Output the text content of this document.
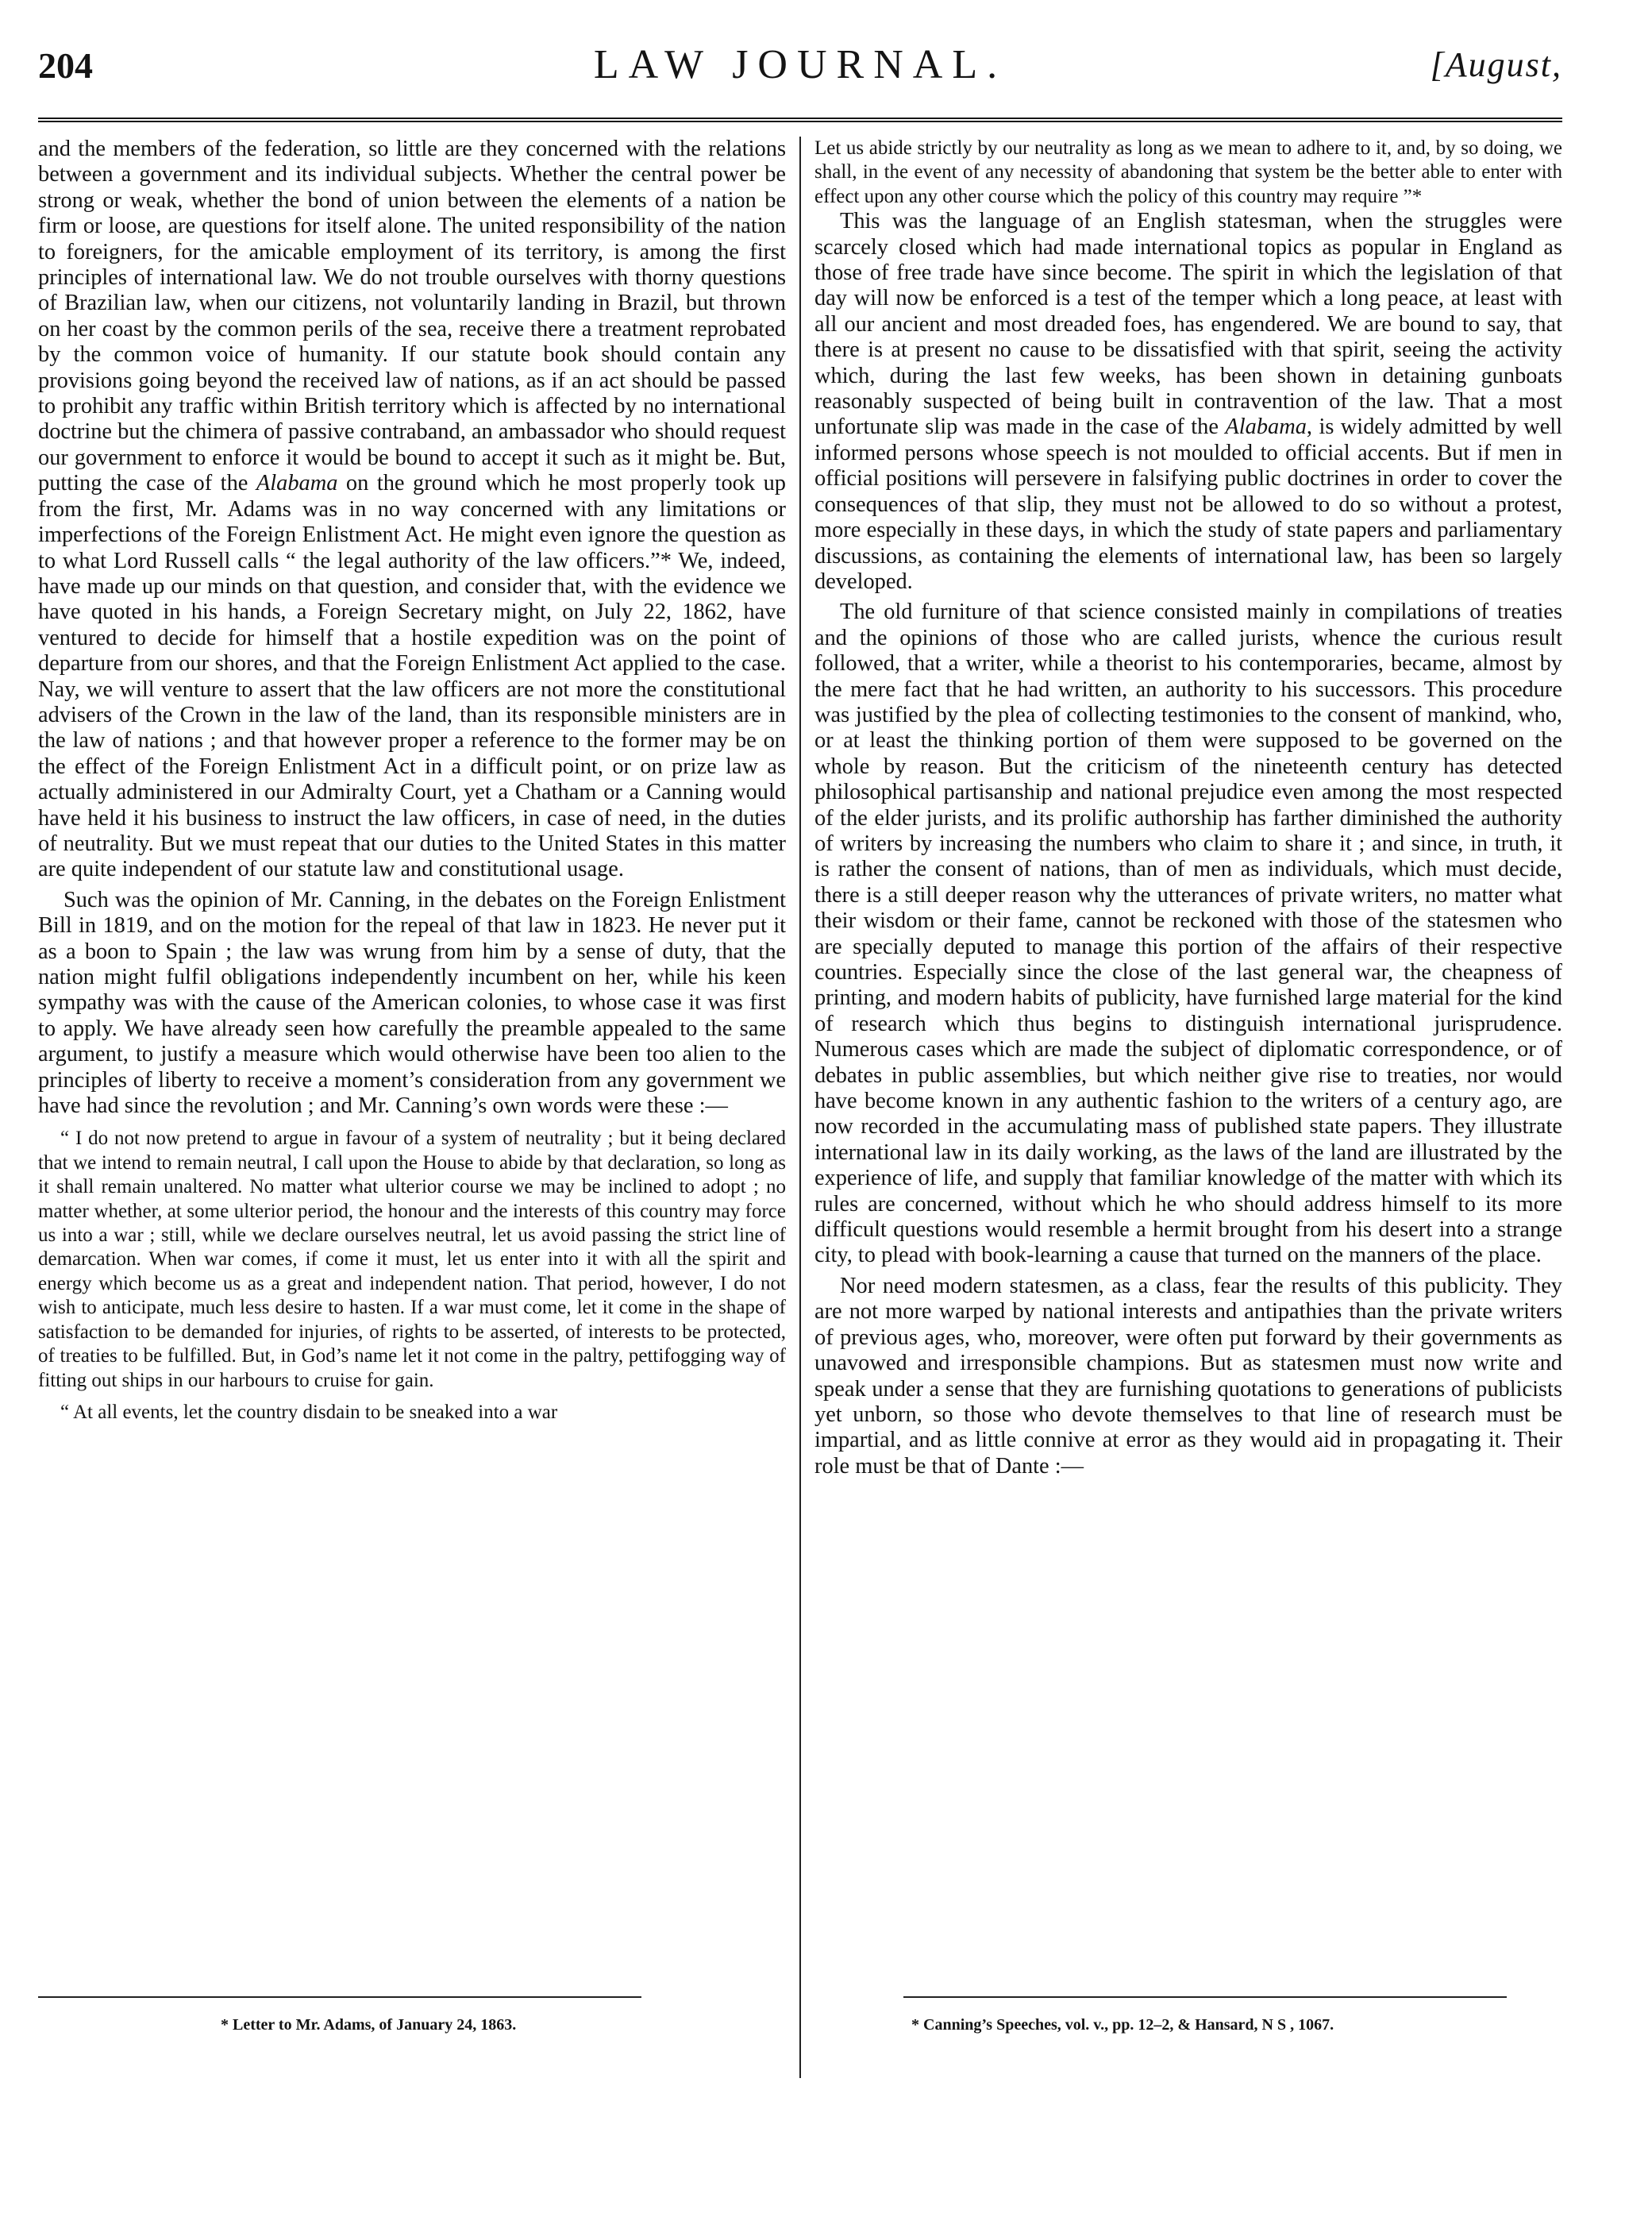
204	LAW JOURNAL.	[August,

and the members of the federation, so little are they concerned with the relations between a government and its individual subjects. Whether the central power be strong or weak, whether the bond of union between the elements of a nation be firm or loose, are questions for itself alone. The united responsibility of the nation to foreigners, for the amicable employment of its territory, is among the first principles of international law. We do not trouble ourselves with thorny questions of Brazilian law, when our citizens, not voluntarily landing in Brazil, but thrown on her coast by the common perils of the sea, receive there a treatment reprobated by the common voice of humanity. If our statute book should contain any provisions going beyond the received law of nations, as if an act should be passed to prohibit any traffic within British territory which is affected by no international doctrine but the chimera of passive contraband, an ambassador who should request our government to enforce it would be bound to accept it such as it might be. But, putting the case of the Alabama on the ground which he most properly took up from the first, Mr. Adams was in no way concerned with any limitations or imperfections of the Foreign Enlistment Act. He might even ignore the question as to what Lord Russell calls “ the legal authority of the law officers.”* We, indeed, have made up our minds on that question, and consider that, with the evidence we have quoted in his hands, a Foreign Secretary might, on July 22, 1862, have ventured to decide for himself that a hostile expedition was on the point of departure from our shores, and that the Foreign Enlistment Act applied to the case. Nay, we will venture to assert that the law officers are not more the constitutional advisers of the Crown in the law of the land, than its responsible ministers are in the law of nations ; and that however proper a reference to the former may be on the effect of the Foreign Enlistment Act in a difficult point, or on prize law as actually administered in our Admiralty Court, yet a Chatham or a Canning would have held it his business to instruct the law officers, in case of need, in the duties of neutrality. But we must repeat that our duties to the United States in this matter are quite independent of our statute law and constitutional usage.

Such was the opinion of Mr. Canning, in the debates on the Foreign Enlistment Bill in 1819, and on the motion for the repeal of that law in 1823. He never put it as a boon to Spain ; the law was wrung from him by a sense of duty, that the nation might fulfil obligations independently incumbent on her, while his keen sympathy was with the cause of the American colonies, to whose case it was first to apply. We have already seen how carefully the preamble appealed to the same argument, to justify a measure which would otherwise have been too alien to the principles of liberty to receive a moment’s consideration from any government we have had since the revolution ; and Mr. Canning’s own words were these :—

“ I do not now pretend to argue in favour of a system of neutrality ; but it being declared that we intend to remain neutral, I call upon the House to abide by that declaration, so long as it shall remain unaltered. No matter what ulterior course we may be inclined to adopt ; no matter whether, at some ulterior period, the honour and the interests of this country may force us into a war ; still, while we declare ourselves neutral, let us avoid passing the strict line of demarcation. When war comes, if come it must, let us enter into it with all the spirit and energy which become us as a great and independent nation. That period, however, I do not wish to anticipate, much less desire to hasten. If a war must come, let it come in the shape of satisfaction to be demanded for injuries, of rights to be asserted, of interests to be protected, of treaties to be fulfilled. But, in God’s name let it not come in the paltry, pettifogging way of fitting out ships in our harbours to cruise for gain.

“ At all events, let the country disdain to be sneaked into a war

Let us abide strictly by our neutrality as long as we mean to adhere to it, and, by so doing, we shall, in the event of any necessity of abandoning that system be the better able to enter with effect upon any other course which the policy of this country may require ”*

This was the language of an English statesman, when the struggles were scarcely closed which had made international topics as popular in England as those of free trade have since become. The spirit in which the legislation of that day will now be enforced is a test of the temper which a long peace, at least with all our ancient and most dreaded foes, has engendered. We are bound to say, that there is at present no cause to be dissatisfied with that spirit, seeing the activity which, during the last few weeks, has been shown in detaining gunboats reasonably suspected of being built in contravention of the law. That a most unfortunate slip was made in the case of the Alabama, is widely admitted by well informed persons whose speech is not moulded to official accents. But if men in official positions will persevere in falsifying public doctrines in order to cover the consequences of that slip, they must not be allowed to do so without a protest, more especially in these days, in which the study of state papers and parliamentary discussions, as containing the elements of international law, has been so largely developed.

The old furniture of that science consisted mainly in compilations of treaties and the opinions of those who are called jurists, whence the curious result followed, that a writer, while a theorist to his contemporaries, became, almost by the mere fact that he had written, an authority to his successors. This procedure was justified by the plea of collecting testimonies to the consent of mankind, who, or at least the thinking portion of them were supposed to be governed on the whole by reason. But the criticism of the nineteenth century has detected philosophical partisanship and national prejudice even among the most respected of the elder jurists, and its prolific authorship has farther diminished the authority of writers by increasing the numbers who claim to share it ; and since, in truth, it is rather the consent of nations, than of men as individuals, which must decide, there is a still deeper reason why the utterances of private writers, no matter what their wisdom or their fame, cannot be reckoned with those of the statesmen who are specially deputed to manage this portion of the affairs of their respective countries. Especially since the close of the last general war, the cheapness of printing, and modern habits of publicity, have furnished large material for the kind of research which thus begins to distinguish international jurisprudence. Numerous cases which are made the subject of diplomatic correspondence, or of debates in public assemblies, but which neither give rise to treaties, nor would have become known in any authentic fashion to the writers of a century ago, are now recorded in the accumulating mass of published state papers. They illustrate international law in its daily working, as the laws of the land are illustrated by the experience of life, and supply that familiar knowledge of the matter with which its rules are concerned, without which he who should address himself to its more difficult questions would resemble a hermit brought from his desert into a strange city, to plead with book-learning a cause that turned on the manners of the place.

Nor need modern statesmen, as a class, fear the results of this publicity. They are not more warped by national interests and antipathies than the private writers of previous ages, who, moreover, were often put forward by their governments as unavowed and irresponsible champions. But as statesmen must now write and speak under a sense that they are furnishing quotations to generations of publicists yet unborn, so those who devote themselves to that line of research must be impartial, and as little connive at error as they would aid in propagating it. Their role must be that of Dante :—

* Letter to Mr. Adams, of January 24, 1863.	* Canning’s Speeches, vol. v., pp. 12–2, & Hansard, N S , 1067.
